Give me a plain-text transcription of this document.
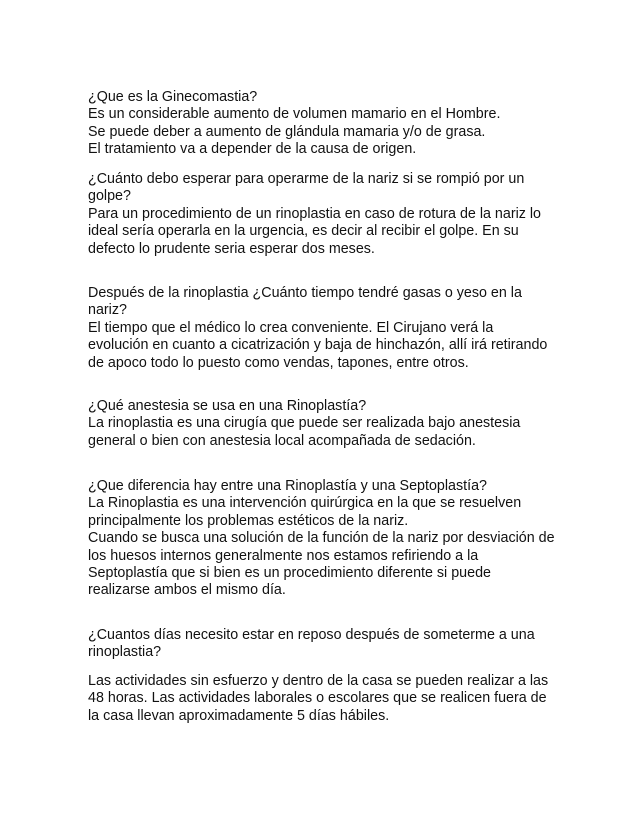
¿Que es la Ginecomastia?
Es un considerable aumento de volumen mamario en el Hombre.
Se puede deber a aumento de glándula mamaria y/o de grasa.
El tratamiento va a depender de la causa de origen.
¿Cuánto debo esperar para operarme de la nariz si se rompió por un
golpe?
Para un procedimiento de un rinoplastia en caso de rotura de la nariz lo
ideal sería operarla en la urgencia, es decir al recibir el golpe. En su
defecto lo prudente seria esperar dos meses.
Después de la rinoplastia ¿Cuánto tiempo tendré gasas o yeso en la
nariz?
El tiempo que el médico lo crea conveniente. El Cirujano verá la
evolución en cuanto a cicatrización y baja de hinchazón, allí irá retirando
de apoco todo lo puesto como vendas, tapones, entre otros.
¿Qué anestesia se usa en una Rinoplastía?
La rinoplastia es una cirugía que puede ser realizada bajo anestesia
general o bien con anestesia local acompañada de sedación.
¿Que diferencia hay entre una Rinoplastía y una Septoplastía?
La Rinoplastia es una intervención quirúrgica en la que se resuelven
principalmente los problemas estéticos de la nariz.
Cuando se busca una solución de la función de la nariz por desviación de
los huesos internos generalmente nos estamos refiriendo a la
Septoplastía que si bien es un procedimiento diferente si puede
realizarse ambos el mismo día.
¿Cuantos días necesito estar en reposo después de someterme a una
rinoplastia?
Las actividades sin esfuerzo y dentro de la casa se pueden realizar a las
48 horas. Las actividades laborales o escolares que se realicen fuera de
la casa llevan aproximadamente 5 días hábiles.
